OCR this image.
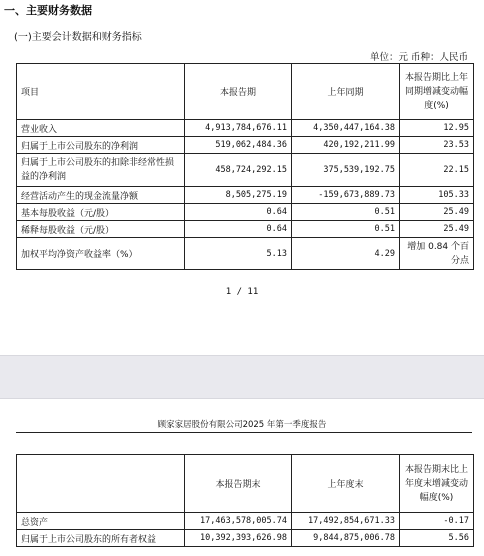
一、主要财务数据
(一)主要会计数据和财务指标
单位：元 币种：人民币
项目	本报告期	上年同期	本报告期比上年同期增减变动幅度(%)
营业收入	4,913,784,676.11	4,350,447,164.38	12.95
归属于上市公司股东的净利润	519,062,484.36	420,192,211.99	23.53
归属于上市公司股东的扣除非经常性损益的净利润	458,724,292.15	375,539,192.75	22.15
经营活动产生的现金流量净额	8,505,275.19	-159,673,889.73	105.33
基本每股收益（元/股）	0.64	0.51	25.49
稀释每股收益（元/股）	0.64	0.51	25.49
加权平均净资产收益率（%）	5.13	4.29	增加 0.84 个百分点
1 / 11
顾家家居股份有限公司2025 年第一季度报告
	本报告期末	上年度末	本报告期末比上年度末增减变动幅度(%)
总资产	17,463,578,005.74	17,492,854,671.33	-0.17
归属于上市公司股东的所有者权益	10,392,393,626.98	9,844,875,006.78	5.56
